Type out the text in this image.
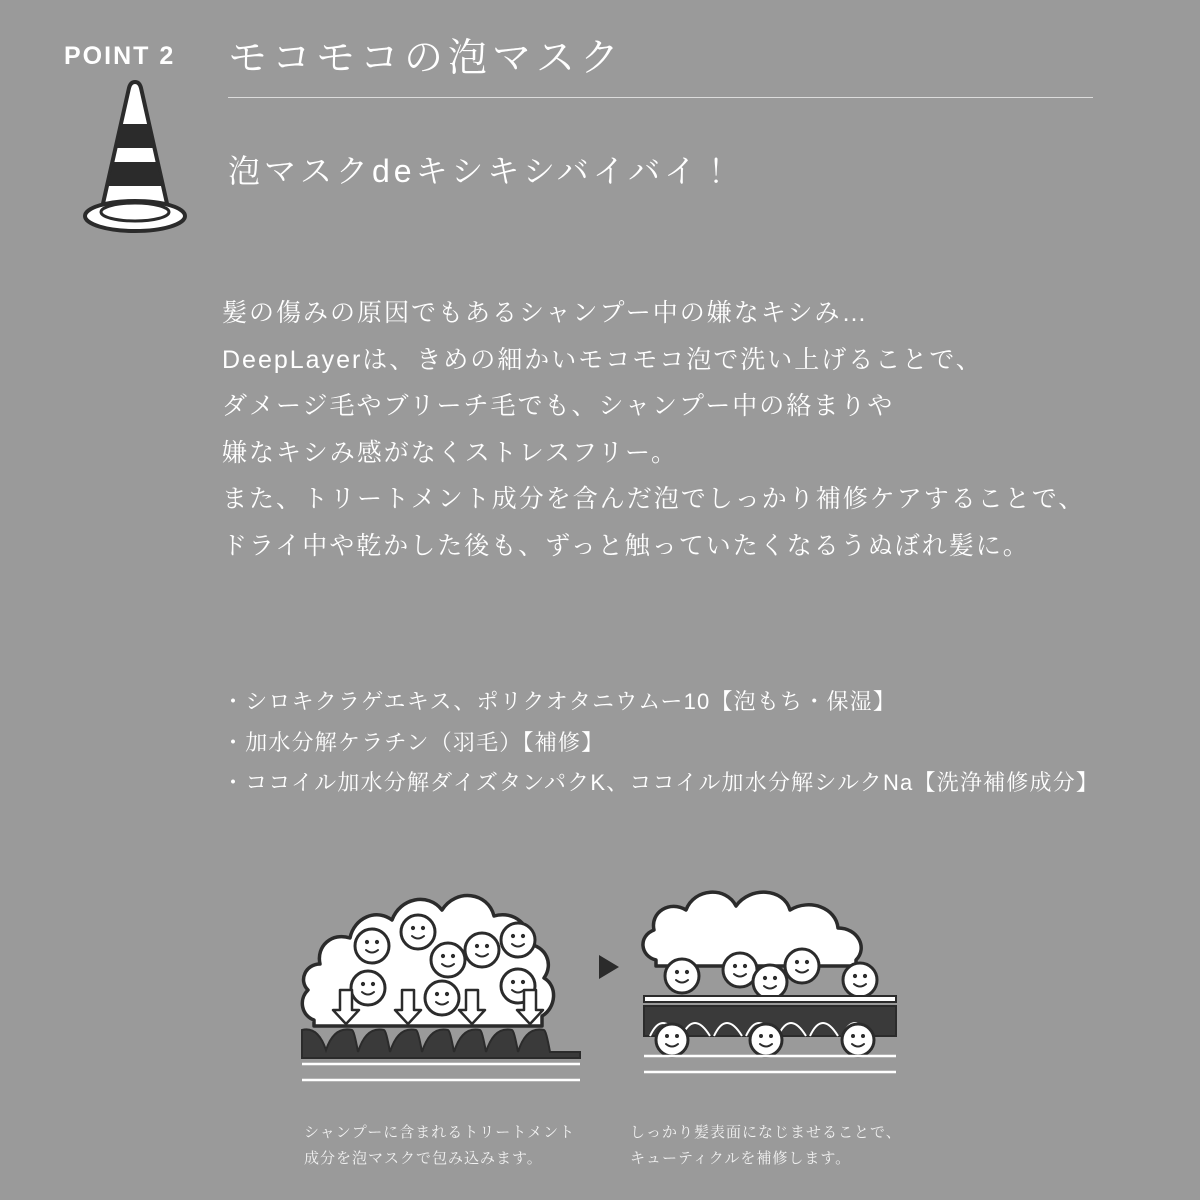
POINT 2 モコモコの泡マスク
泡マスクdeキシキシバイバイ！

髪の傷みの原因でもあるシャンプー中の嫌なキシみ…

DeepLayerは、きめの細かいモコモコ泡で洗い上げることで、

ダメージ毛やブリーチ毛でも、シャンプー中の絡まりや

嫌なキシみ感がなくストレスフリー。

また、トリートメント成分を含んだ泡でしっかり補修ケアすることで、

ドライ中や乾かした後も、ずっと触っていたくなるうぬぼれ髪に。

・シロキクラゲエキス、ポリクオタニウムー10【泡もち・保湿】

・加水分解ケラチン（羽毛）【補修】

・ココイル加水分解ダイズタンパクK、ココイル加水分解シルクNa【洗浄補修成分】

シャンプーに含まれるトリートメント
成分を泡マスクで包み込みます。
しっかり髪表面になじませることで、
キューティクルを補修します。
